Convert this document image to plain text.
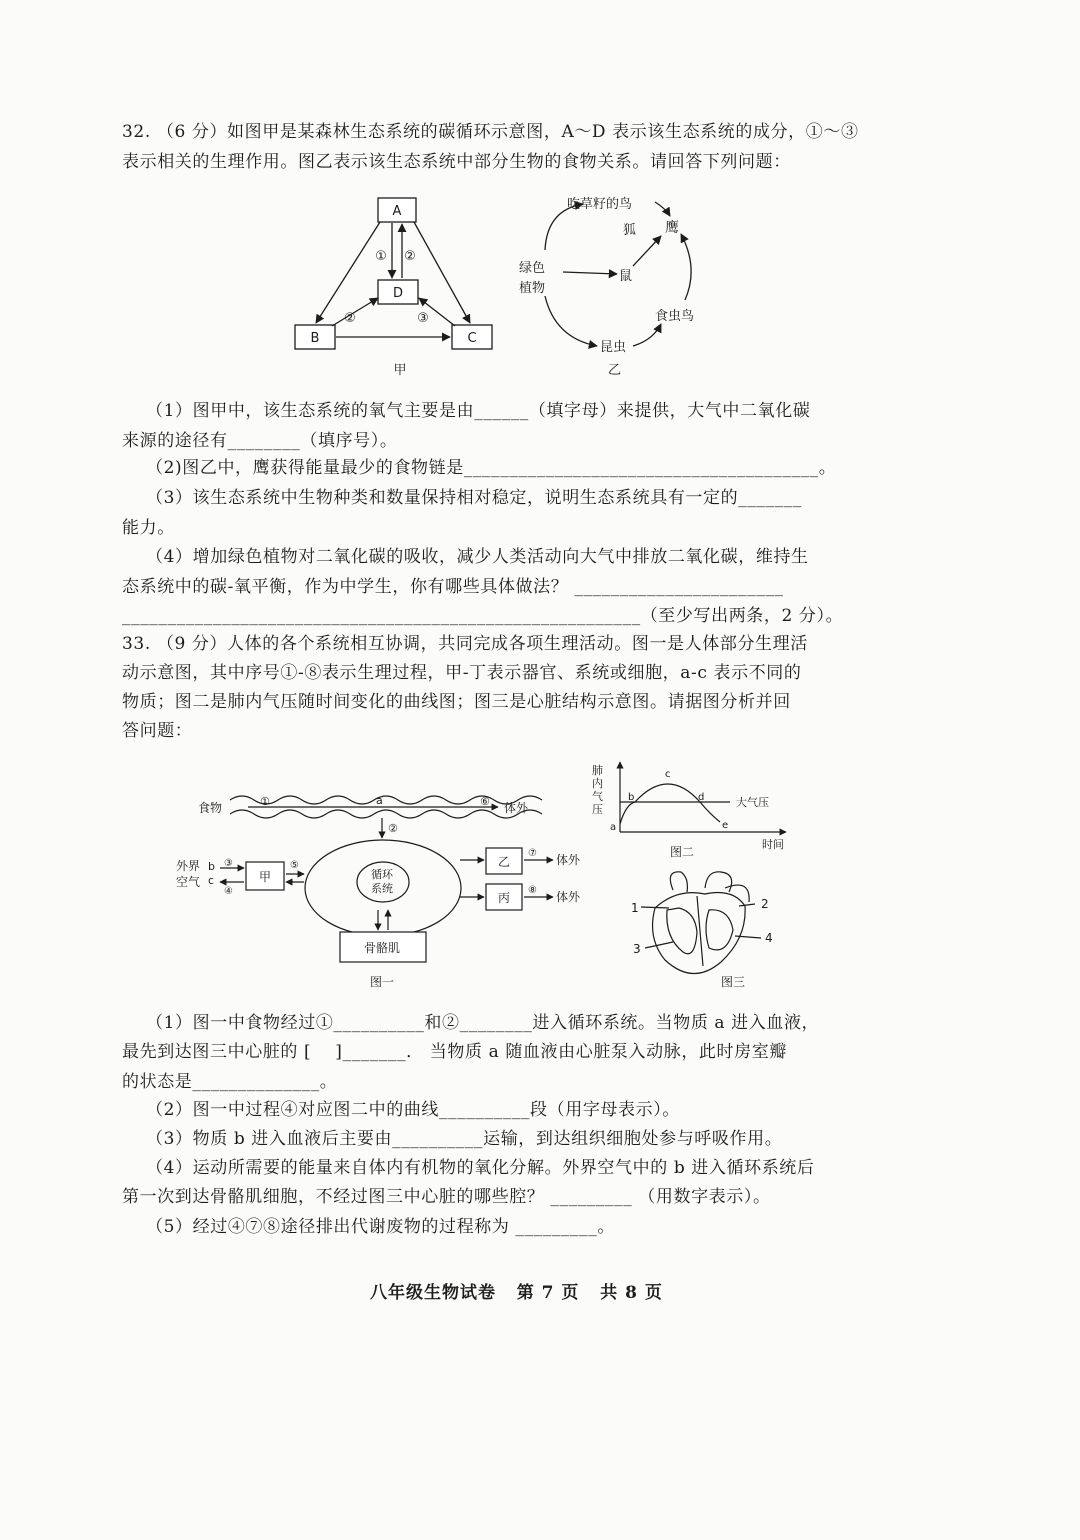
32. （6 分）如图甲是某森林生态系统的碳循环示意图，A～D 表示该生态系统的成分，①～③
表示相关的生理作用。图乙表示该生态系统中部分生物的食物关系。请回答下列问题：
A
D
B	C
① ②
②	③
甲
吃草籽的鸟
狐 鹰
绿色
植物
鼠
食虫鸟
昆虫
乙
（1）图甲中，该生态系统的氧气主要是由______（填字母）来提供，大气中二氧化碳
来源的途径有________（填序号）。
（2)图乙中，鹰获得能量最少的食物链是_______________________________________。
（3）该生态系统中生物种类和数量保持相对稳定，说明生态系统具有一定的_______
能力。
（4）增加绿色植物对二氧化碳的吸收，减少人类活动向大气中排放二氧化碳，维持生
态系统中的碳-氧平衡，作为中学生，你有哪些具体做法？ _______________________
_________________________________________________________（至少写出两条，2 分）。
33. （9 分）人体的各个系统相互协调，共同完成各项生理活动。图一是人体部分生理活
动示意图，其中序号①-⑧表示生理过程，甲-丁表示器官、系统或细胞，a-c 表示不同的
物质；图二是肺内气压随时间变化的曲线图；图三是心脏结构示意图。请据图分析并回
答问题：
食物	①	a	⑥ 体外
②
外界
空气
b
c
③
④
甲
⑤
循环
系统
乙
⑦ 体外
丙
⑧ 体外
骨骼肌
图一
肺
内
气
压
a
b
c
d
e
大气压
时间
图二
1	2
3
4
图三
（1）图一中食物经过①__________和②________进入循环系统。当物质 a 进入血液，
最先到达图三中心脏的 [    ]_______． 当物质 a 随血液由心脏泵入动脉，此时房室瓣
的状态是______________。
（2）图一中过程④对应图二中的曲线__________段（用字母表示）。
（3）物质 b 进入血液后主要由__________运输，到达组织细胞处参与呼吸作用。
（4）运动所需要的能量来自体内有机物的氧化分解。外界空气中的 b 进入循环系统后
第一次到达骨骼肌细胞，不经过图三中心脏的哪些腔？ _________ （用数字表示）。
（5）经过④⑦⑧途径排出代谢废物的过程称为 _________。
八年级生物试卷   第 7 页   共 8 页
